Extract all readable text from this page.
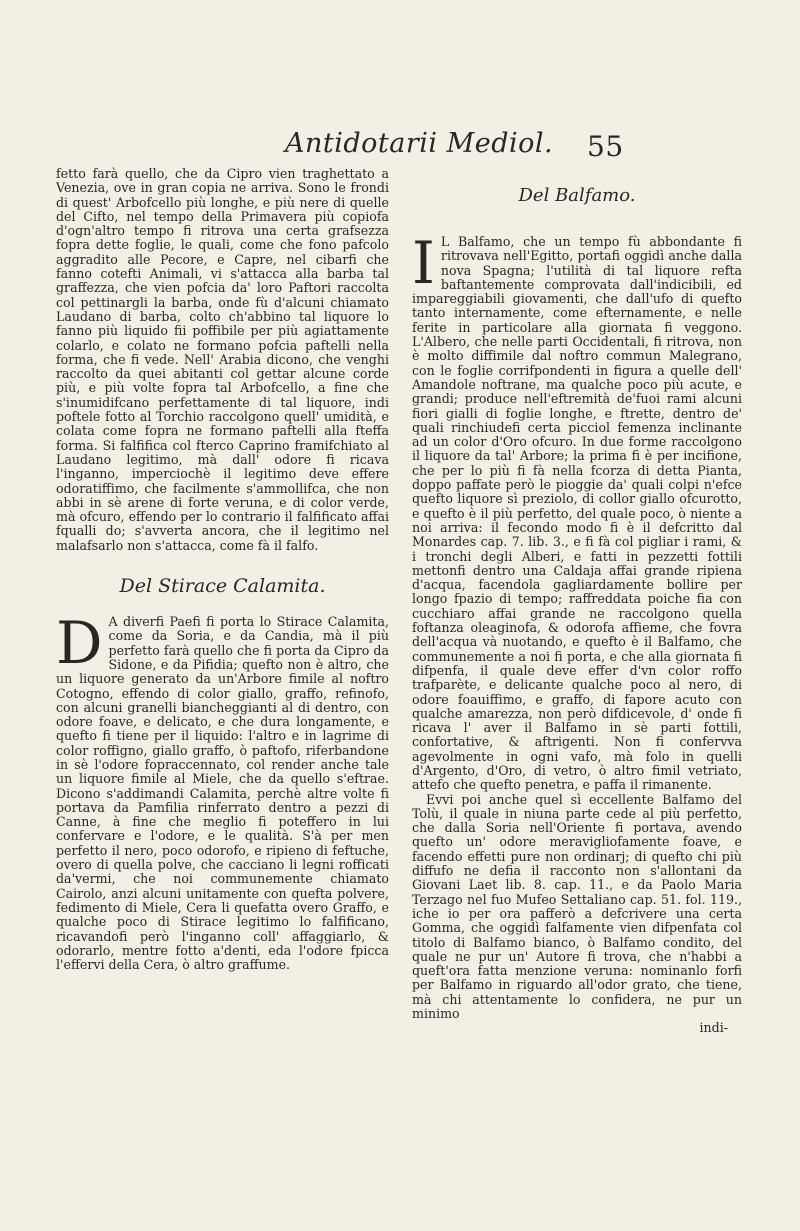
Antidotarii Mediol. 55

fetto farà quello, che da Cipro vien traghettato a Venezia, ove in gran copia ne arriva. Sono le frondi di quest' Arbofcello più longhe, e più nere di quelle del Cifto, nel tempo della Primavera più copiofa d'ogn'altro tempo fi ritrova una certa grafsezza fopra dette foglie, le quali, come che fono pafcolo aggradito alle Pecore, e Capre, nel cibarfi che fanno cotefti Animali, vi s'attacca alla barba tal graffezza, che vien pofcia da' loro Paftori raccolta col pettinargli la barba, onde fù d'alcuni chiamato Laudano di barba, colto ch'abbino tal liquore lo fanno più liquido fii poffibile per più agiattamente colarlo, e colato ne formano pofcia paftelli nella forma, che fi vede. Nell' Arabia dicono, che venghi raccolto da quei abitanti col gettar alcune corde più, e più volte fopra tal Arbofcello, a fine che s'inumidifcano perfettamente di tal liquore, indi poftele fotto al Torchio raccolgono quell' umidità, e colata come fopra ne formano paftelli alla fteffa forma. Si falfifica col fterco Caprino framifchiato al Laudano legitimo, mà dall' odore fi ricava l'inganno, imperciochè il legitimo deve effere odoratiffimo, che facilmente s'ammollifca, che non abbi in sè arene di forte veruna, e di color verde, mà ofcuro, effendo per lo contrario il falfificato affai fqualli do; s'avverta ancora, che il legitimo nel malafsarlo non s'attacca, come fà il falfo.

Del Stirace Calamita.

D A diverfi Paefi fi porta lo Stirace Calamita, come da Soria, e da Candia, mà il più perfetto farà quello che fi porta da Cipro da Sidone, e da Pifidia; quefto non è altro, che un liquore generato da un'Arbore fimile al noftro Cotogno, effendo di color giallo, graffo, refinofo, con alcuni granelli biancheggianti al di dentro, con odore foave, e delicato, e che dura longamente, e quefto fi tiene per il liquido: l'altro e in lagrime di color roffigno, giallo graffo, ò paftofo, riferbandone in sè l'odore fopraccennato, col render anche tale un liquore fimile al Miele, che da quello s'eftrae. Dicono s'addimandi Calamita, perchè altre volte fi portava da Pamfilia rinferrato dentro a pezzi di Canne, à fine che meglio fi poteffero in lui confervare e l'odore, e le qualità. S'à per men perfetto il nero, poco odorofo, e ripieno di feftuche, overo di quella polve, che cacciano li legni rofficati da'vermi, che noi communemente chiamato Cairolo, anzi alcuni unitamente con quefta polvere, fedimento di Miele, Cera li quefatta overo Graffo, e qualche poco di Stirace legitimo lo falfificano, ricavandofi però l'inganno coll' affaggiarlo, & odorarlo, mentre fotto a'denti, eda l'odore fpicca l'effervi della Cera, ò altro graffume.

Del Balfamo.

I L Balfamo, che un tempo fù abbondante fi ritrovava nell'Egitto, portafi oggidì anche dalla nova Spagna; l'utilità di tal liquore refta baftantemente comprovata dall'indicibili, ed impareggiabili giovamenti, che dall'ufo di quefto tanto internamente, come efternamente, e nelle ferite in particolare alla giornata fi veggono. L'Albero, che nelle parti Occidentali, fi ritrova, non è molto diffimile dal noftro commun Malegrano, con le foglie corrifpondenti in figura a quelle dell' Amandole noftrane, ma qualche poco più acute, e grandi; produce nell'eftremità de'fuoi rami alcuni fiori gialli di foglie longhe, e ftrette, dentro de' quali rinchiudefi certa picciol femenza inclinante ad un color d'Oro ofcuro. In due forme raccolgono il liquore da tal' Arbore; la prima fi è per incifione, che per lo più fi fà nella fcorza di detta Pianta, doppo paffate però le pioggie da' quali colpi n'efce quefto liquore sì preziolo, di collor giallo ofcurotto, e quefto è il più perfetto, del quale poco, ò niente a noi arriva: il fecondo modo fi è il defcritto dal Monardes cap. 7. lib. 3., e fi fà col pigliar i rami, & i tronchi degli Alberi, e fatti in pezzetti fottili mettonfi dentro una Caldaja affai grande ripiena d'acqua, facendola gagliardamente bollire per longo fpazio di tempo; raffreddata poiche fia con cucchiaro affai grande ne raccolgono quella foftanza oleaginofa, & odorofa affieme, che fovra dell'acqua và nuotando, e quefto è il Balfamo, che communemente a noi fi porta, e che alla giornata fi difpenfa, il quale deve effer d'vn color roffo trafparète, e delicante qualche poco al nero, di odore foauiffimo, e graffo, di fapore acuto con qualche amarezza, non però difdicevole, d' onde fi ricava l' aver il Balfamo in sè parti fottili, confortative, & aftrigenti. Non fi confervva agevolmente in ogni vafo, mà folo in quelli d'Argento, d'Oro, di vetro, ò altro fimil vetriato, attefo che quefto penetra, e paffa il rimanente.

Evvi poi anche quel sì eccellente Balfamo del Tolù, il quale in niuna parte cede al più perfetto, che dalla Soria nell'Oriente fi portava, avendo quefto un' odore meravigliofamente foave, e facendo effetti pure non ordinarj; di quefto chi più diffufo ne defia il racconto non s'allontani da Giovani Laet lib. 8. cap. 11., e da Paolo Maria Terzago nel fuo Mufeo Settaliano cap. 51. fol. 119., iche io per ora pafferò a defcrivere una certa Gomma, che oggidì falfamente vien difpenfata col titolo di Balfamo bianco, ò Balfamo condito, del quale ne pur un' Autore fi trova, che n'habbi a queft'ora fatta menzione veruna: nominanlo forfi per Balfamo in riguardo all'odor grato, che tiene, mà chi attentamente lo confidera, ne pur un minimo

indi-
